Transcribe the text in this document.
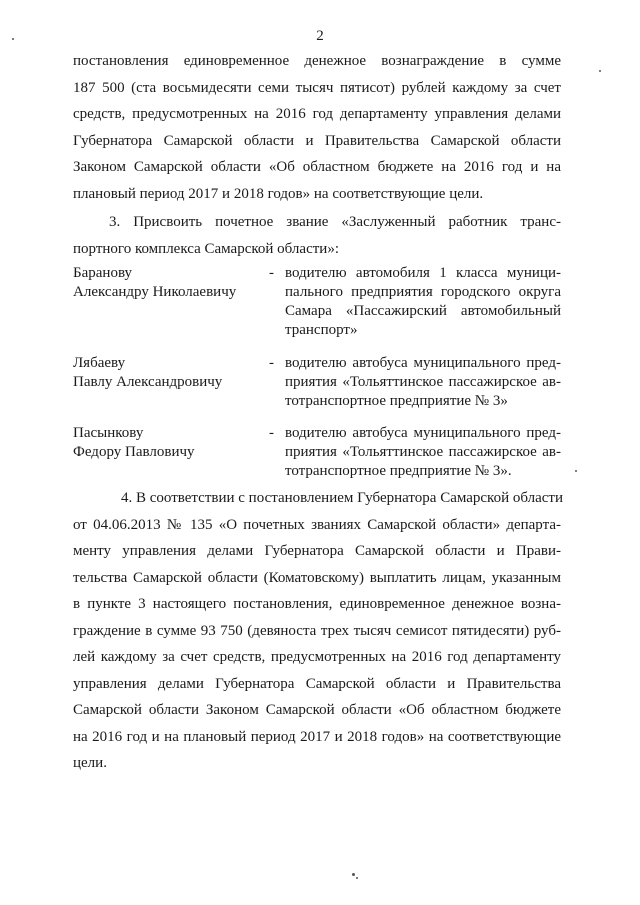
2
постановления единовременное денежное вознаграждение в сумме
187 500 (ста восьмидесяти семи тысяч пятисот) рублей каждому за счет
средств, предусмотренных на 2016 год департаменту управления делами
Губернатора Самарской области и Правительства Самарской области
Законом Самарской области «Об областном бюджете на 2016 год и на
плановый период 2017 и 2018 годов» на соответствующие цели.
3. Присвоить почетное звание «Заслуженный работник транс-
портного комплекса Самарской области»:
Баранову
Александру Николаевичу
- водителю автомобиля 1 класса муници-
пального предприятия городского округа
Самара «Пассажирский автомобильный
транспорт»
Лябаеву
Павлу Александровичу
- водителю автобуса муниципального пред-
приятия «Тольяттинское пассажирское ав-
тотранспортное предприятие № 3»
Пасынкову
Федору Павловичу
- водителю автобуса муниципального пред-
приятия «Тольяттинское пассажирское ав-
тотранспортное предприятие № 3».
4. В соответствии с постановлением Губернатора Самарской области
от 04.06.2013 № 135 «О почетных званиях Самарской области» департа-
менту управления делами Губернатора Самарской области и Прави-
тельства Самарской области (Коматовскому) выплатить лицам, указанным
в пункте 3 настоящего постановления, единовременное денежное возна-
граждение в сумме 93 750 (девяноста трех тысяч семисот пятидесяти) руб-
лей каждому за счет средств, предусмотренных на 2016 год департаменту
управления делами Губернатора Самарской области и Правительства
Самарской области Законом Самарской области «Об областном бюджете
на 2016 год и на плановый период 2017 и 2018 годов» на соответствующие
цели.
